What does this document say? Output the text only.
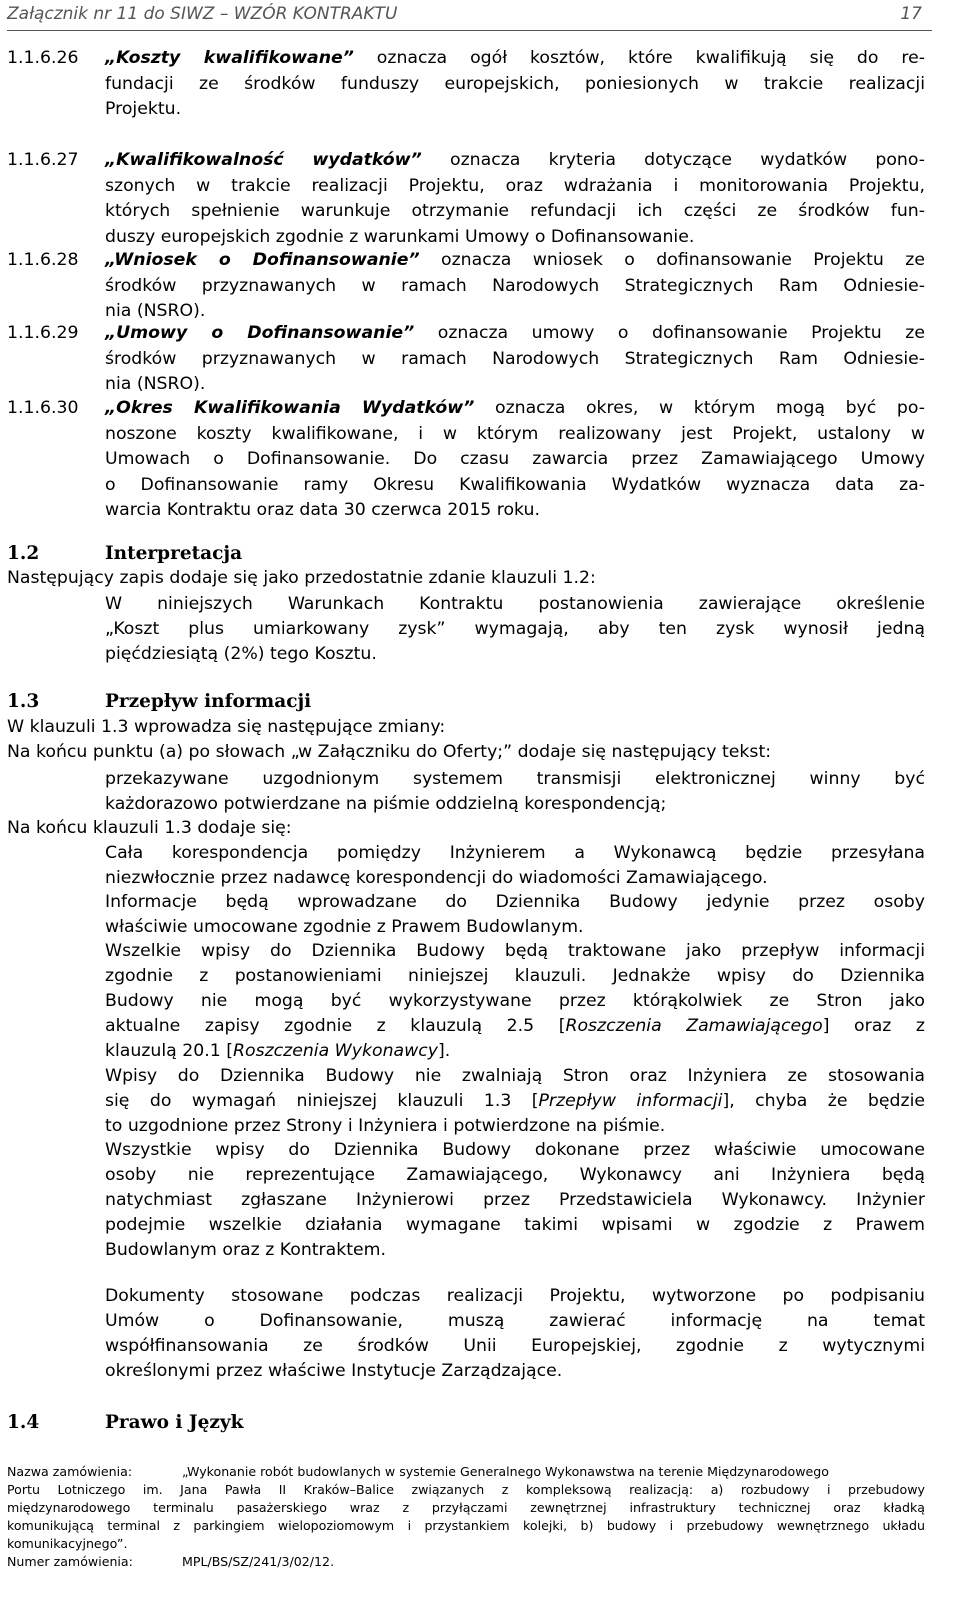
Załącznik nr 11 do SIWZ – WZÓR KONTRAKTU	17
1.1.6.26 „Koszty kwalifikowane” oznacza ogół kosztów, które kwalifikują się do re-
fundacji ze środków funduszy europejskich, poniesionych w trakcie realizacji
Projektu.
1.1.6.27 „Kwalifikowalność wydatków” oznacza kryteria dotyczące wydatków pono-
szonych w trakcie realizacji Projektu, oraz wdrażania i monitorowania Projektu,
których spełnienie warunkuje otrzymanie refundacji ich części ze środków fun-
duszy europejskich zgodnie z warunkami Umowy o Dofinansowanie.
1.1.6.28 „Wniosek o Dofinansowanie” oznacza wniosek o dofinansowanie Projektu ze
środków przyznawanych w ramach Narodowych Strategicznych Ram Odniesie-
nia (NSRO).
1.1.6.29 „Umowy o Dofinansowanie” oznacza umowy o dofinansowanie Projektu ze
środków przyznawanych w ramach Narodowych Strategicznych Ram Odniesie-
nia (NSRO).
1.1.6.30 „Okres Kwalifikowania Wydatków” oznacza okres, w którym mogą być po-
noszone koszty kwalifikowane, i w którym realizowany jest Projekt, ustalony w
Umowach o Dofinansowanie. Do czasu zawarcia przez Zamawiającego Umowy
o Dofinansowanie ramy Okresu Kwalifikowania Wydatków wyznacza data za-
warcia Kontraktu oraz data 30 czerwca 2015 roku.
1.2	Interpretacja
Następujący zapis dodaje się jako przedostatnie zdanie klauzuli 1.2:
W niniejszych Warunkach Kontraktu postanowienia zawierające określenie
„Koszt plus umiarkowany zysk” wymagają, aby ten zysk wynosił jedną
pięćdziesiątą (2%) tego Kosztu.
1.3	Przepływ informacji
W klauzuli 1.3 wprowadza się następujące zmiany:
Na końcu punktu (a) po słowach „w Załączniku do Oferty;” dodaje się następujący tekst:
przekazywane uzgodnionym systemem transmisji elektronicznej winny być
każdorazowo potwierdzane na piśmie oddzielną korespondencją;
Na końcu klauzuli 1.3 dodaje się:
Cała korespondencja pomiędzy Inżynierem a Wykonawcą będzie przesyłana
niezwłocznie przez nadawcę korespondencji do wiadomości Zamawiającego.
Informacje będą wprowadzane do Dziennika Budowy jedynie przez osoby
właściwie umocowane zgodnie z Prawem Budowlanym.
Wszelkie wpisy do Dziennika Budowy będą traktowane jako przepływ informacji
zgodnie z postanowieniami niniejszej klauzuli. Jednakże wpisy do Dziennika
Budowy nie mogą być wykorzystywane przez którąkolwiek ze Stron jako
aktualne zapisy zgodnie z klauzulą 2.5 [Roszczenia Zamawiającego] oraz z
klauzulą 20.1 [Roszczenia Wykonawcy].
Wpisy do Dziennika Budowy nie zwalniają Stron oraz Inżyniera ze stosowania
się do wymagań niniejszej klauzuli 1.3 [Przepływ informacji], chyba że będzie
to uzgodnione przez Strony i Inżyniera i potwierdzone na piśmie.
Wszystkie wpisy do Dziennika Budowy dokonane przez właściwie umocowane
osoby nie reprezentujące Zamawiającego, Wykonawcy ani Inżyniera będą
natychmiast zgłaszane Inżynierowi przez Przedstawiciela Wykonawcy. Inżynier
podejmie wszelkie działania wymagane takimi wpisami w zgodzie z Prawem
Budowlanym oraz z Kontraktem.
Dokumenty stosowane podczas realizacji Projektu, wytworzone po podpisaniu
Umów o Dofinansowanie, muszą zawierać informację na temat
współfinansowania ze środków Unii Europejskiej, zgodnie z wytycznymi
określonymi przez właściwe Instytucje Zarządzające.
1.4	Prawo i Język
Nazwa zamówienia:	„Wykonanie robót budowlanych w systemie Generalnego Wykonawstwa na terenie Międzynarodowego
Portu Lotniczego im. Jana Pawła II Kraków–Balice związanych z kompleksową realizacją: a) rozbudowy i przebudowy
międzynarodowego terminalu pasażerskiego wraz z przyłączami zewnętrznej infrastruktury technicznej oraz kładką
komunikującą terminal z parkingiem wielopoziomowym i przystankiem kolejki, b) budowy i przebudowy wewnętrznego układu
komunikacyjnego”.
Numer zamówienia:	MPL/BS/SZ/241/3/02/12.
